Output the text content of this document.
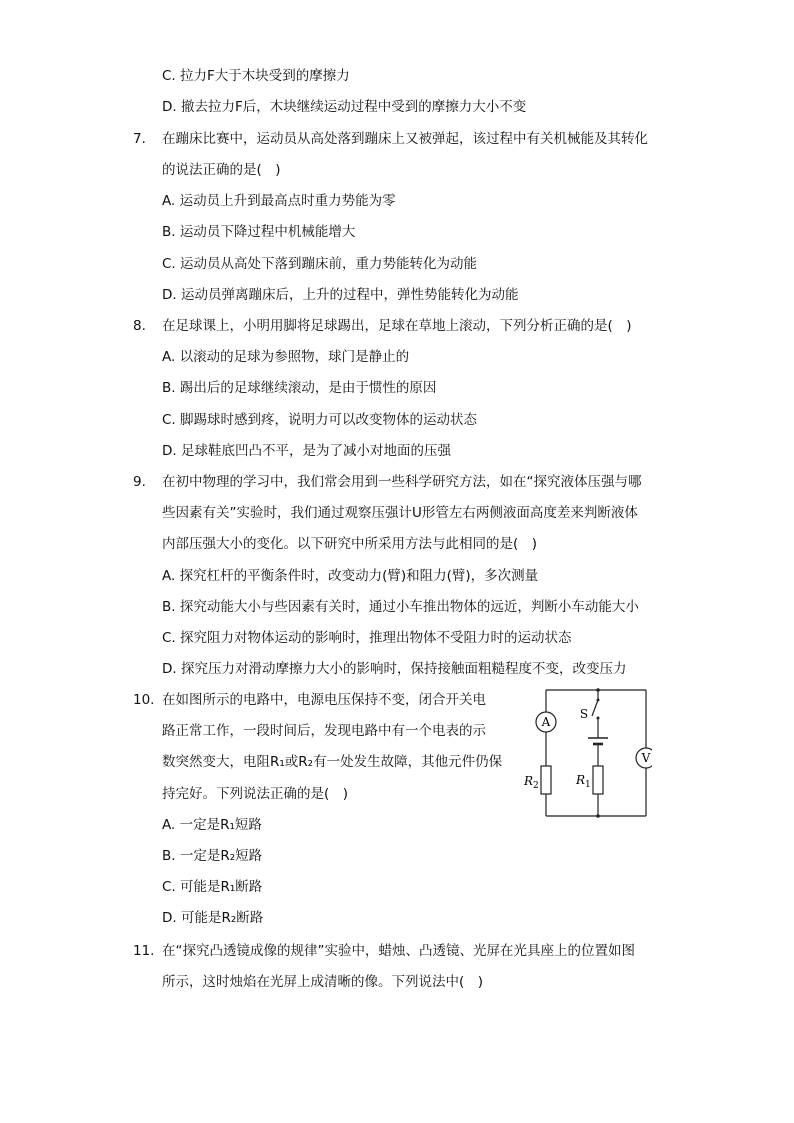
C. 拉力F大于木块受到的摩擦力
D. 撤去拉力F后，木块继续运动过程中受到的摩擦力大小不变
7. 在蹦床比赛中，运动员从高处落到蹦床上又被弹起，该过程中有关机械能及其转化
的说法正确的是(　)
A. 运动员上升到最高点时重力势能为零
B. 运动员下降过程中机械能增大
C. 运动员从高处下落到蹦床前，重力势能转化为动能
D. 运动员弹离蹦床后，上升的过程中，弹性势能转化为动能
8. 在足球课上，小明用脚将足球踢出，足球在草地上滚动，下列分析正确的是(　)
A. 以滚动的足球为参照物，球门是静止的
B. 踢出后的足球继续滚动，是由于惯性的原因
C. 脚踢球时感到疼，说明力可以改变物体的运动状态
D. 足球鞋底凹凸不平，是为了减小对地面的压强
9. 在初中物理的学习中，我们常会用到一些科学研究方法，如在“探究液体压强与哪
些因素有关”实验时，我们通过观察压强计U形管左右两侧液面高度差来判断液体
内部压强大小的变化。以下研究中所采用方法与此相同的是(　)
A. 探究杠杆的平衡条件时，改变动力(臂)和阻力(臂)，多次测量
B. 探究动能大小与些因素有关时，通过小车推出物体的远近，判断小车动能大小
C. 探究阻力对物体运动的影响时，推理出物体不受阻力时的运动状态
D. 探究压力对滑动摩擦力大小的影响时，保持接触面粗糙程度不变，改变压力
10. 在如图所示的电路中，电源电压保持不变，闭合开关电
路正常工作，一段时间后，发现电路中有一个电表的示
数突然变大，电阻R₁或R₂有一处发生故障，其他元件仍保
持完好。下列说法正确的是(　)
A. 一定是R₁短路
B. 一定是R₂短路
C. 可能是R₁断路
D. 可能是R₂断路
A
V
S
$R_2$	$R_1$
11. 在“探究凸透镜成像的规律”实验中，蜡烛、凸透镜、光屏在光具座上的位置如图
所示，这时烛焰在光屏上成清晰的像。下列说法中(　)
